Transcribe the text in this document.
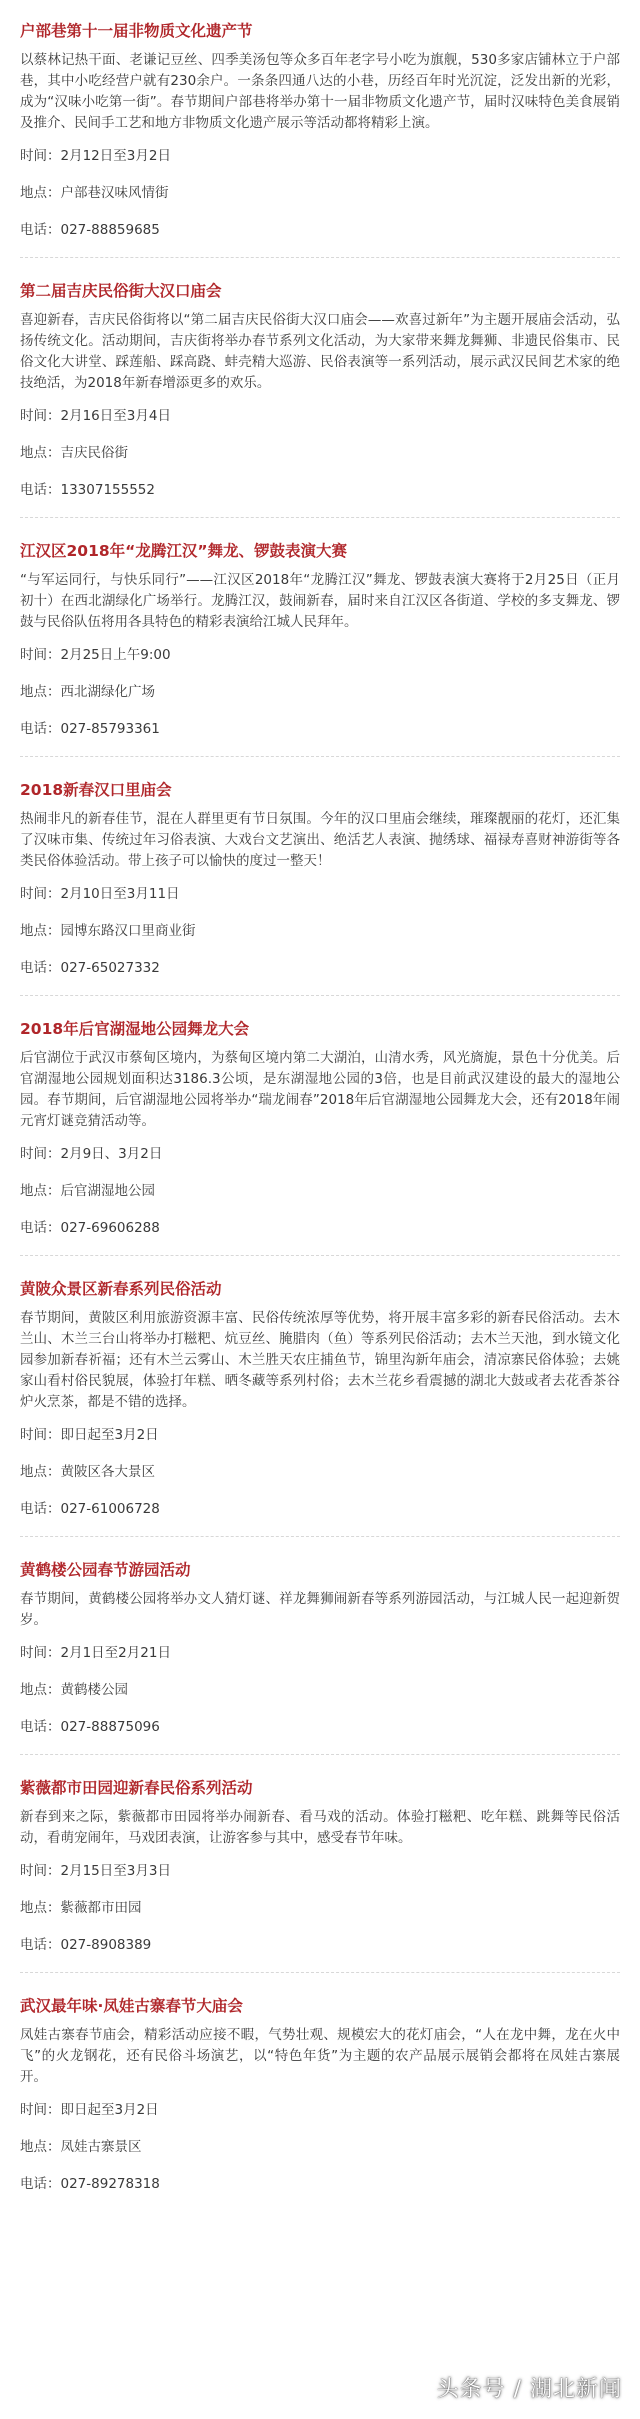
户部巷第十一届非物质文化遗产节
以蔡林记热干面、老谦记豆丝、四季美汤包等众多百年老字号小吃为旗舰，530多家店铺林立于户部巷，其中小吃经营户就有230余户。一条条四通八达的小巷，历经百年时光沉淀，泛发出新的光彩，成为“汉味小吃第一街”。春节期间户部巷将举办第十一届非物质文化遗产节，届时汉味特色美食展销及推介、民间手工艺和地方非物质文化遗产展示等活动都将精彩上演。
时间：2月12日至3月2日
地点：户部巷汉味风情街
电话：027-88859685
第二届吉庆民俗街大汉口庙会
喜迎新春，吉庆民俗街将以“第二届吉庆民俗街大汉口庙会——欢喜过新年”为主题开展庙会活动，弘扬传统文化。活动期间，吉庆街将举办春节系列文化活动，为大家带来舞龙舞狮、非遗民俗集市、民俗文化大讲堂、踩莲船、踩高跷、蚌壳精大巡游、民俗表演等一系列活动，展示武汉民间艺术家的绝技绝活，为2018年新春增添更多的欢乐。
时间：2月16日至3月4日
地点：吉庆民俗街
电话：13307155552
江汉区2018年“龙腾江汉”舞龙、锣鼓表演大赛
“与军运同行，与快乐同行”——江汉区2018年“龙腾江汉”舞龙、锣鼓表演大赛将于2月25日（正月初十）在西北湖绿化广场举行。龙腾江汉，鼓闹新春，届时来自江汉区各街道、学校的多支舞龙、锣鼓与民俗队伍将用各具特色的精彩表演给江城人民拜年。
时间：2月25日上午9:00
地点：西北湖绿化广场
电话：027-85793361
2018新春汉口里庙会
热闹非凡的新春佳节，混在人群里更有节日氛围。今年的汉口里庙会继续，璀璨靓丽的花灯，还汇集了汉味市集、传统过年习俗表演、大戏台文艺演出、绝活艺人表演、抛绣球、福禄寿喜财神游街等各类民俗体验活动。带上孩子可以愉快的度过一整天！
时间：2月10日至3月11日
地点：园博东路汉口里商业街
电话：027-65027332
2018年后官湖湿地公园舞龙大会
后官湖位于武汉市蔡甸区境内，为蔡甸区境内第二大湖泊，山清水秀，风光旖旎，景色十分优美。后官湖湿地公园规划面积达3186.3公顷，是东湖湿地公园的3倍，也是目前武汉建设的最大的湿地公园。春节期间，后官湖湿地公园将举办“瑞龙闹春”2018年后官湖湿地公园舞龙大会，还有2018年闹元宵灯谜竞猜活动等。
时间：2月9日、3月2日
地点：后官湖湿地公园
电话：027-69606288
黄陂众景区新春系列民俗活动
春节期间，黄陂区利用旅游资源丰富、民俗传统浓厚等优势，将开展丰富多彩的新春民俗活动。去木兰山、木兰三台山将举办打糍粑、炕豆丝、腌腊肉（鱼）等系列民俗活动；去木兰天池，到水镜文化园参加新春祈福；还有木兰云雾山、木兰胜天农庄捕鱼节，锦里沟新年庙会，清凉寨民俗体验；去姚家山看村俗民貌展，体验打年糕、晒冬藏等系列村俗；去木兰花乡看震撼的湖北大鼓或者去花香茶谷炉火烹茶，都是不错的选择。
时间：即日起至3月2日
地点：黄陂区各大景区
电话：027-61006728
黄鹤楼公园春节游园活动
春节期间，黄鹤楼公园将举办文人猜灯谜、祥龙舞狮闹新春等系列游园活动，与江城人民一起迎新贺岁。
时间：2月1日至2月21日
地点：黄鹤楼公园
电话：027-88875096
紫薇都市田园迎新春民俗系列活动
新春到来之际，紫薇都市田园将举办闹新春、看马戏的活动。体验打糍粑、吃年糕、跳舞等民俗活动，看萌宠闹年，马戏团表演，让游客参与其中，感受春节年味。
时间：2月15日至3月3日
地点：紫薇都市田园
电话：027-8908389
武汉最年味·凤娃古寨春节大庙会
凤娃古寨春节庙会，精彩活动应接不暇，气势壮观、规模宏大的花灯庙会，“人在龙中舞，龙在火中飞”的火龙钢花，还有民俗斗场演艺，以“特色年货”为主题的农产品展示展销会都将在凤娃古寨展开。
时间：即日起至3月2日
地点：凤娃古寨景区
电话：027-89278318
头条号 / 湖北新闻
